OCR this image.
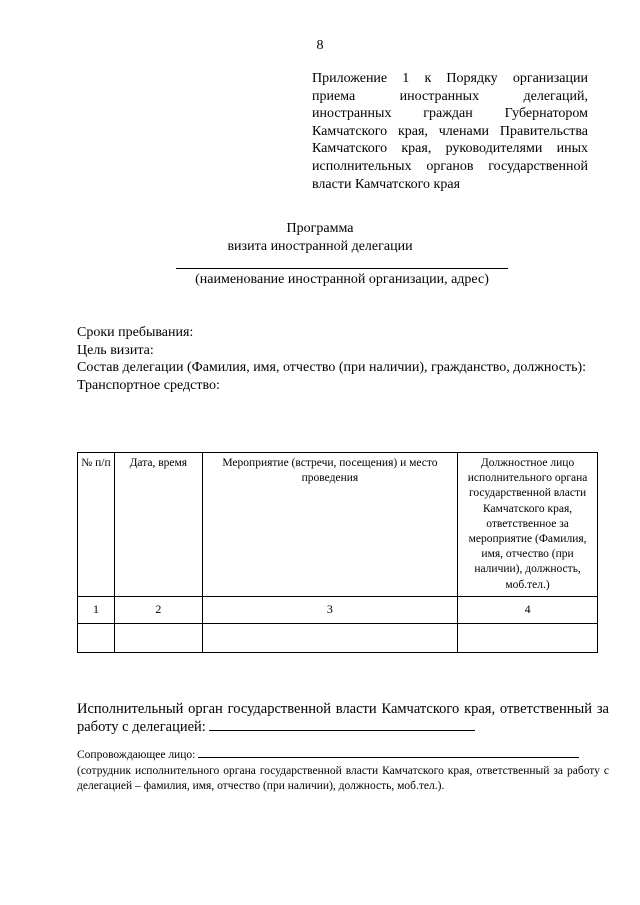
8
Приложение 1 к Порядку организации приема иностранных делегаций, иностранных граждан Губернатором Камчатского края, членами Правительства Камчатского края, руководителями иных исполнительных органов государственной власти Камчатского края
Программа
визита иностранной делегации
(наименование иностранной организации, адрес)
Сроки пребывания:
Цель визита:
Состав делегации (Фамилия, имя, отчество (при наличии), гражданство, должность):
Транспортное средство:
№ п/п	Дата, время	Мероприятие (встречи, посещения) и место проведения	Должностное лицо исполнительного органа государственной власти Камчатского края, ответственное за мероприятие (Фамилия, имя, отчество (при наличии), должность, моб.тел.)
1	2	3	4

Исполнительный орган государственной власти Камчатского края, ответственный за работу с делегацией:
Сопровождающее лицо:
(сотрудник исполнительного органа государственной власти Камчатского края, ответственный за работу с делегацией – фамилия, имя, отчество (при наличии), должность, моб.тел.).
